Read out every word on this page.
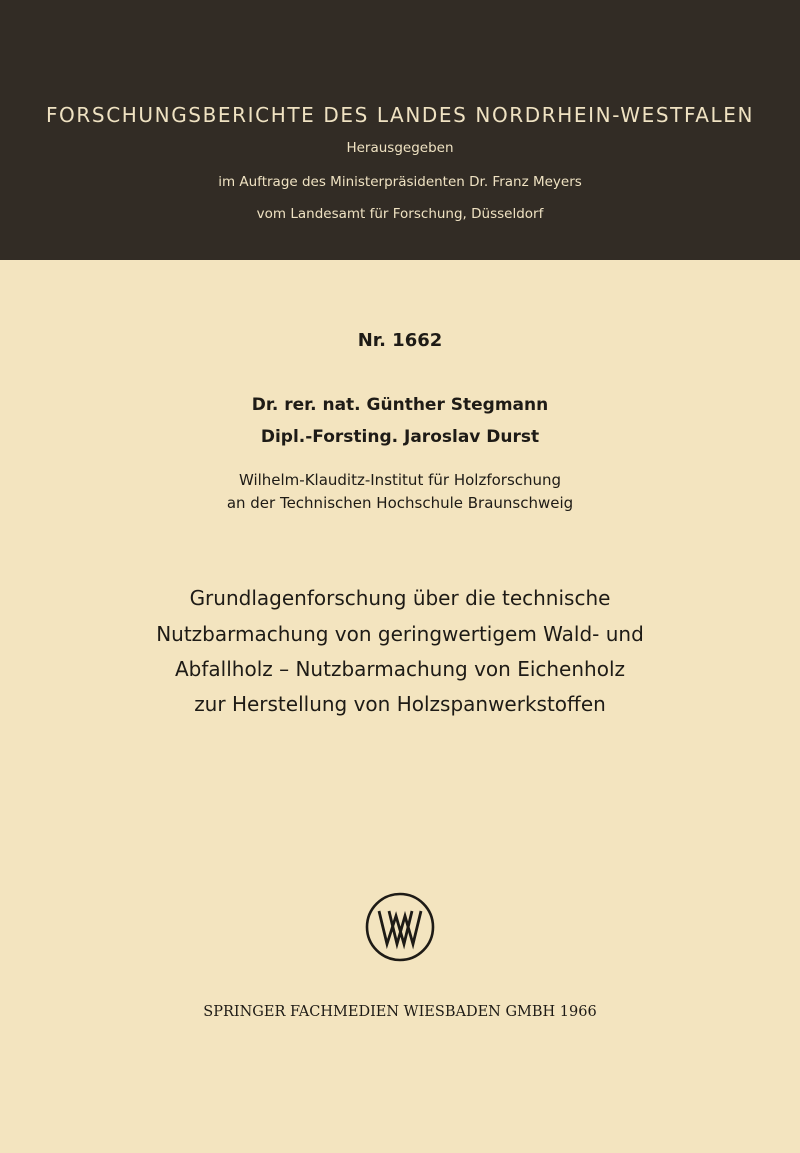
FORSCHUNGSBERICHTE DES LANDES NORDRHEIN-WESTFALEN
Herausgegeben
im Auftrage des Ministerpräsidenten Dr. Franz Meyers
vom Landesamt für Forschung, Düsseldorf
Nr. 1662
Dr. rer. nat. Günther Stegmann
Dipl.-Forsting. Jaroslav Durst
Wilhelm-Klauditz-Institut für Holzforschung
an der Technischen Hochschule Braunschweig
Grundlagenforschung über die technische
Nutzbarmachung von geringwertigem Wald- und
Abfallholz – Nutzbarmachung von Eichenholz
zur Herstellung von Holzspanwerkstoffen
SPRINGER FACHMEDIEN WIESBADEN GMBH 1966
